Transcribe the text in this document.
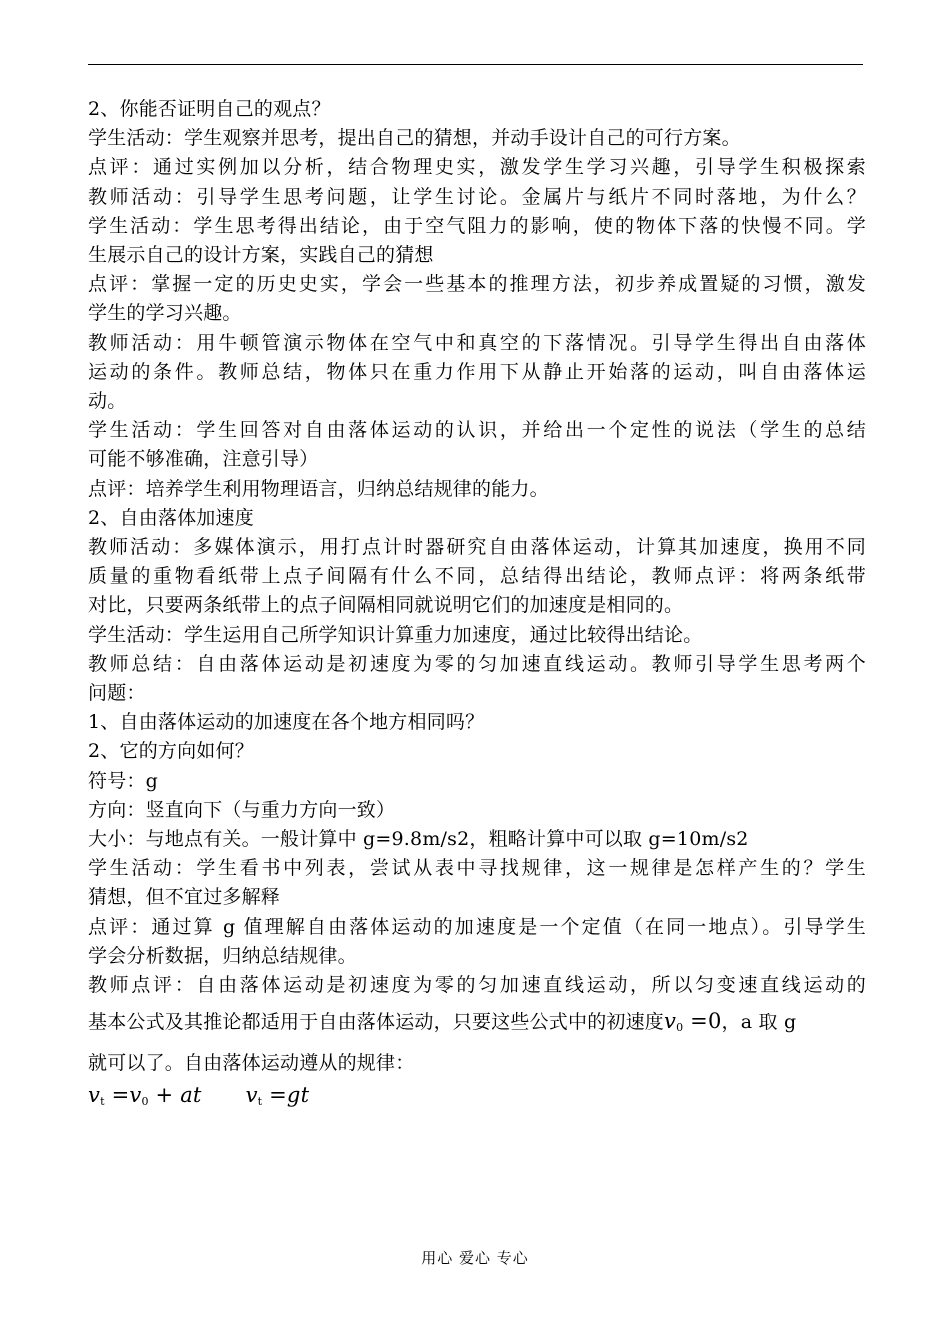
2、你能否证明自己的观点？
学生活动：学生观察并思考，提出自己的猜想，并动手设计自己的可行方案。
点评：通过实例加以分析，结合物理史实，激发学生学习兴趣，引导学生积极探索
教师活动：引导学生思考问题，让学生讨论。金属片与纸片不同时落地，为什么？
学生活动：学生思考得出结论，由于空气阻力的影响，使的物体下落的快慢不同。学
生展示自己的设计方案，实践自己的猜想
点评：掌握一定的历史史实，学会一些基本的推理方法，初步养成置疑的习惯，激发
学生的学习兴趣。
教师活动：用牛顿管演示物体在空气中和真空的下落情况。引导学生得出自由落体
运动的条件。教师总结，物体只在重力作用下从静止开始落的运动，叫自由落体运
动。
学生活动：学生回答对自由落体运动的认识，并给出一个定性的说法（学生的总结
可能不够准确，注意引导）
点评：培养学生利用物理语言，归纳总结规律的能力。
2、自由落体加速度
教师活动：多媒体演示，用打点计时器研究自由落体运动，计算其加速度，换用不同
质量的重物看纸带上点子间隔有什么不同，总结得出结论，教师点评：将两条纸带
对比，只要两条纸带上的点子间隔相同就说明它们的加速度是相同的。
学生活动：学生运用自己所学知识计算重力加速度，通过比较得出结论。
教师总结：自由落体运动是初速度为零的匀加速直线运动。教师引导学生思考两个
问题：
1、自由落体运动的加速度在各个地方相同吗？
2、它的方向如何？
符号：g
方向：竖直向下（与重力方向一致）
大小：与地点有关。一般计算中 g=9.8m/s2，粗略计算中可以取 g=10m/s2
学生活动：学生看书中列表，尝试从表中寻找规律，这一规律是怎样产生的？学生
猜想，但不宜过多解释
点评：通过算 g 值理解自由落体运动的加速度是一个定值（在同一地点）。引导学生
学会分析数据，归纳总结规律。
教师点评：自由落体运动是初速度为零的匀加速直线运动，所以匀变速直线运动的
基本公式及其推论都适用于自由落体运动，只要这些公式中的初速度$v_0 =0$，a 取 g
就可以了。自由落体运动遵从的规律：
$v_t =v_0$ + at $v_t =gt$
用心 爱心 专心
